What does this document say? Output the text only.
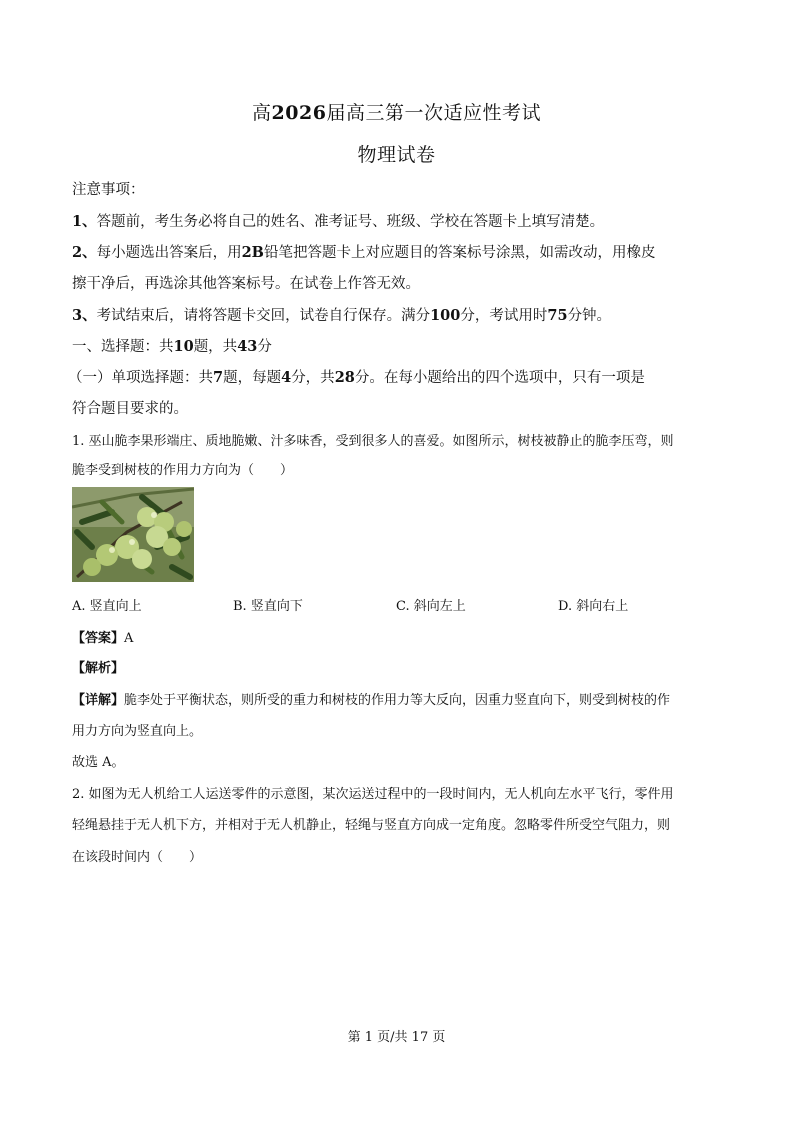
高2026届高三第一次适应性考试
物理试卷
注意事项：
1、答题前，考生务必将自己的姓名、准考证号、班级、学校在答题卡上填写清楚。
2、每小题选出答案后，用2B铅笔把答题卡上对应题目的答案标号涂黑，如需改动，用橡皮
擦干净后，再选涂其他答案标号。在试卷上作答无效。
3、考试结束后，请将答题卡交回，试卷自行保存。满分100分，考试用时75分钟。
一、选择题：共10题，共43分
（一）单项选择题：共7题，每题4分，共28分。在每小题给出的四个选项中，只有一项是
符合题目要求的。
1. 巫山脆李果形端庄、质地脆嫩、汁多味香，受到很多人的喜爱。如图所示，树枝被静止的脆李压弯，则
脆李受到树枝的作用力方向为（　　）
A. 竖直向上	B. 竖直向下	C. 斜向左上	D. 斜向右上
【答案】A
【解析】
【详解】脆李处于平衡状态，则所受的重力和树枝的作用力等大反向，因重力竖直向下，则受到树枝的作
用力方向为竖直向上。
故选 A。
2. 如图为无人机给工人运送零件的示意图，某次运送过程中的一段时间内，无人机向左水平飞行，零件用
轻绳悬挂于无人机下方，并相对于无人机静止，轻绳与竖直方向成一定角度。忽略零件所受空气阻力，则
在该段时间内（　　）
第 1 页/共 17 页
